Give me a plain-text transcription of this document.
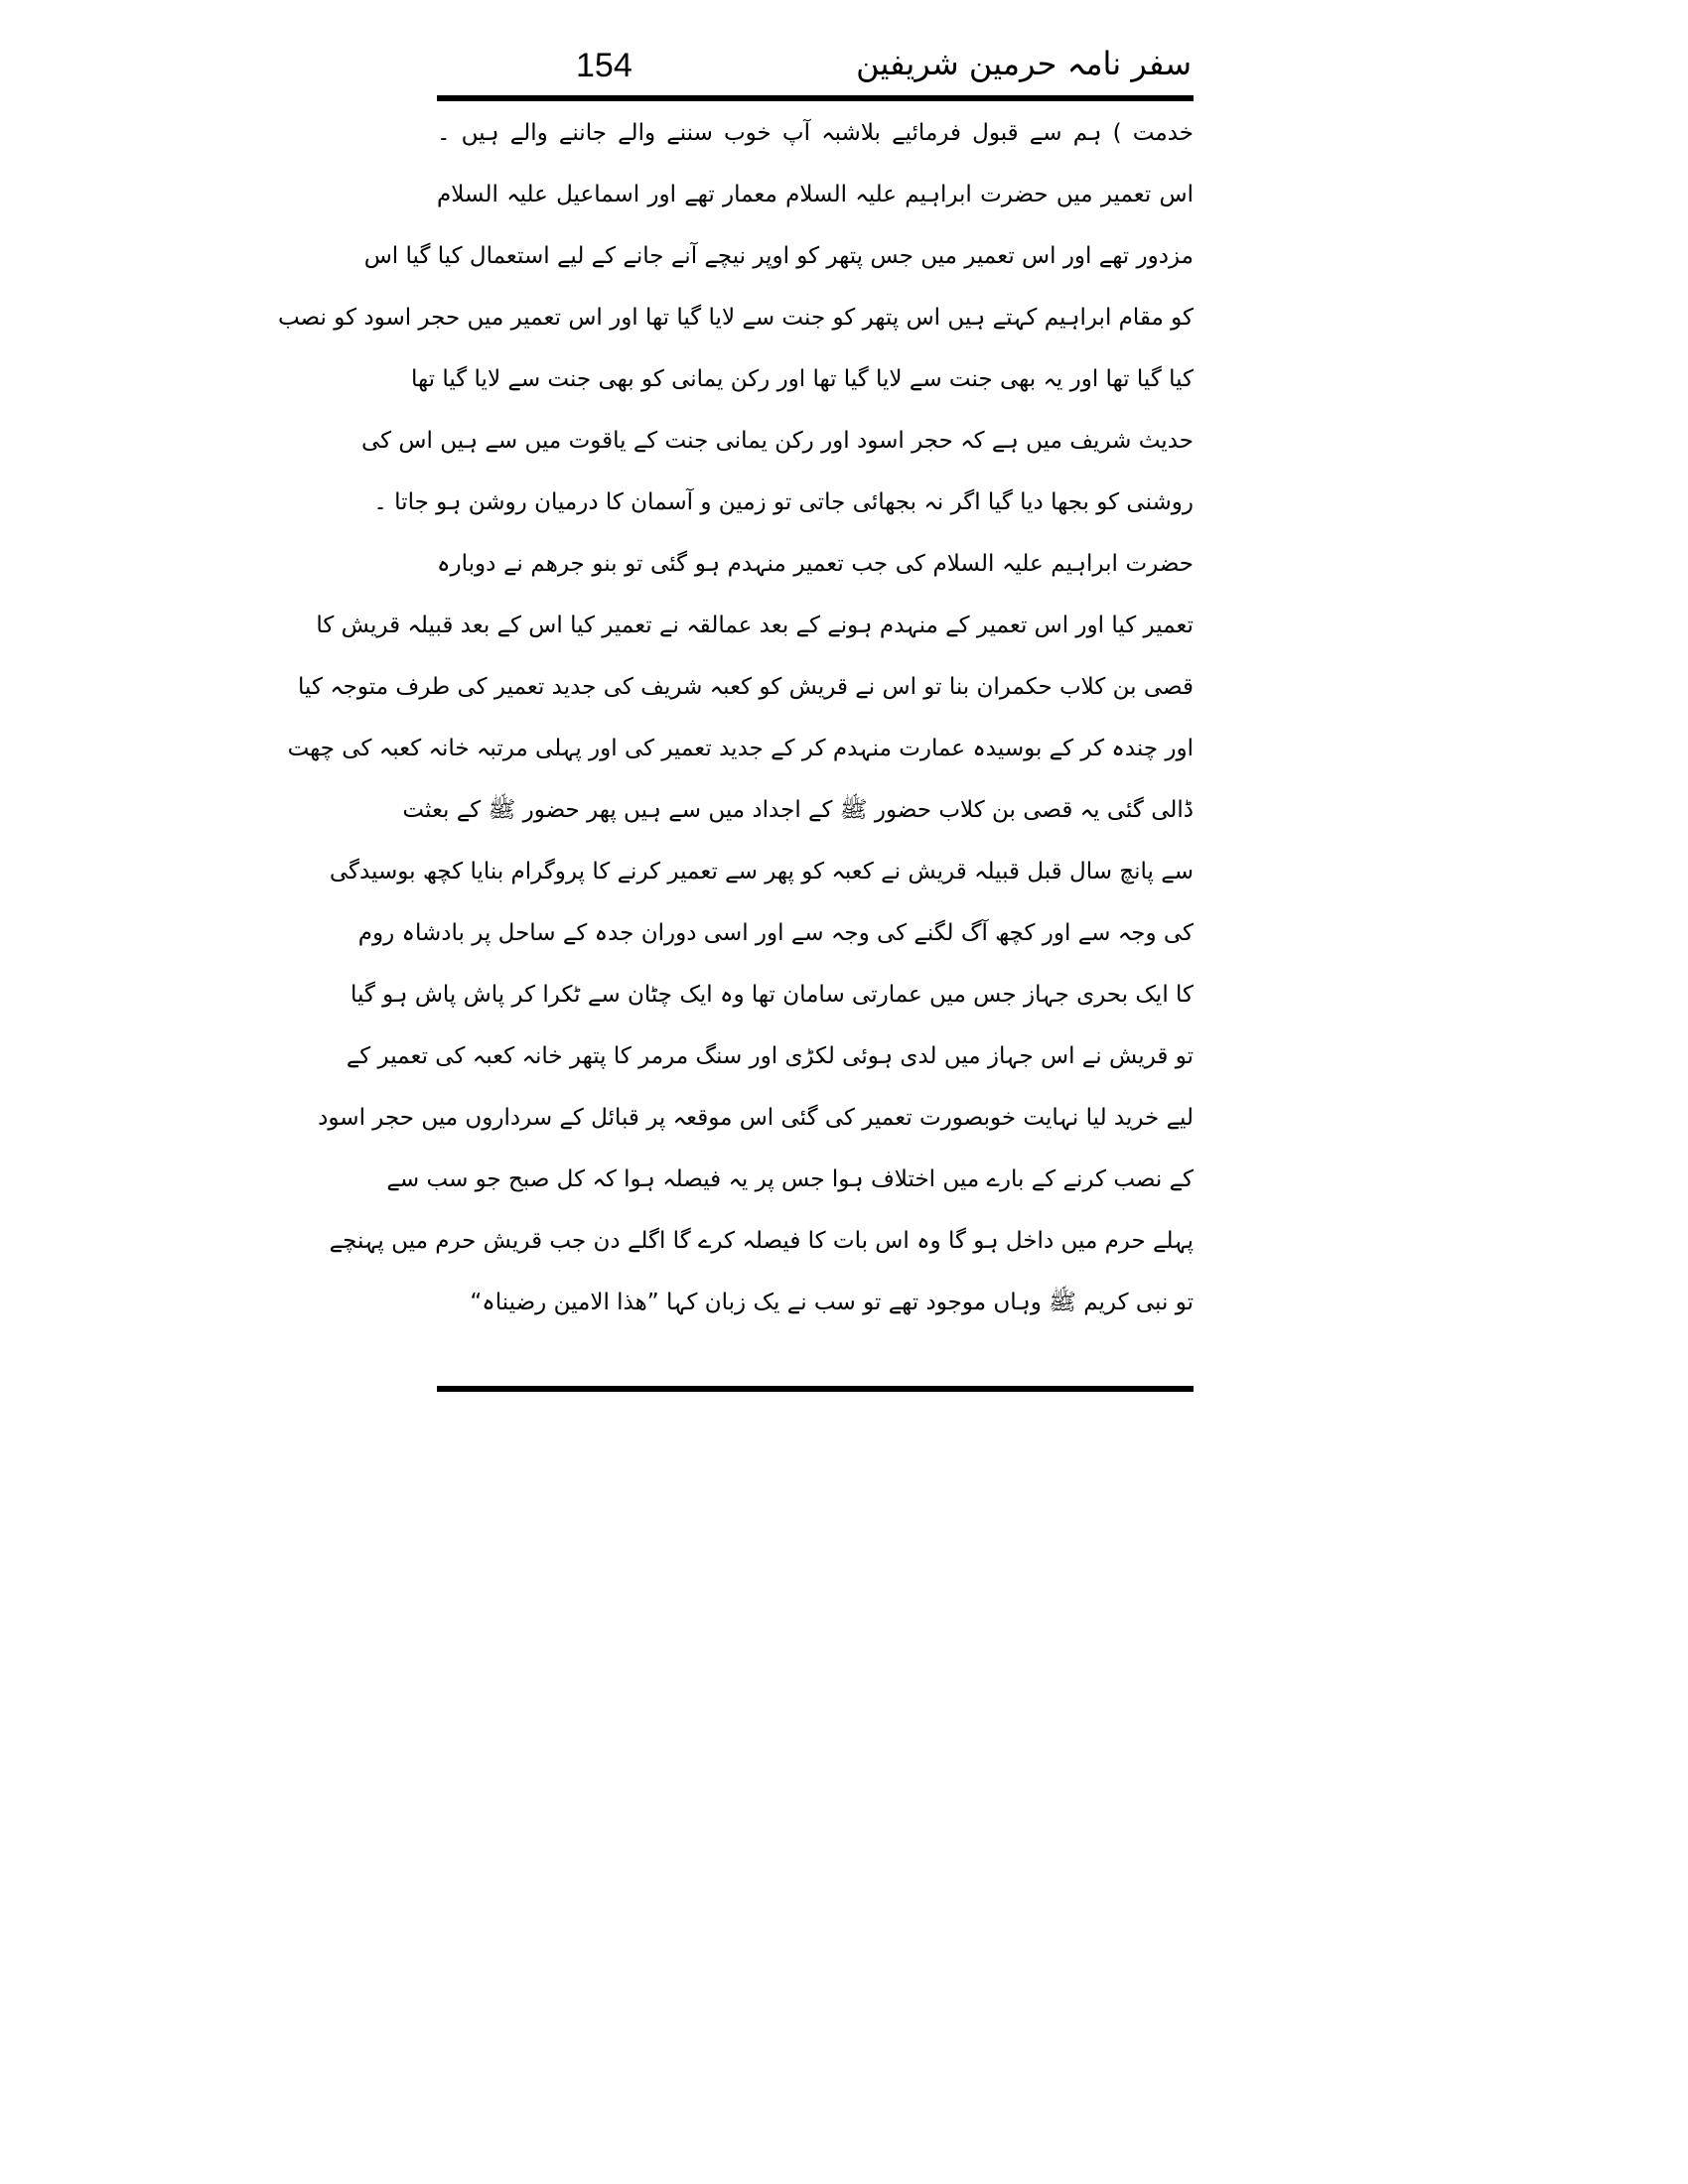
154	سفر نامہ حرمین شریفین
خدمت ) ہم سے قبول فرمائیے بلاشبہ آپ خوب سننے والے جاننے والے ہیں ۔
اس تعمیر میں حضرت ابراہیم علیہ السلام معمار تھے اور اسماعیل علیہ السلام
مزدور تھے اور اس تعمیر میں جس پتھر کو اوپر نیچے آنے جانے کے لیے استعمال کیا گیا اس
کو مقام ابراہیم کہتے ہیں اس پتھر کو جنت سے لایا گیا تھا اور اس تعمیر میں حجر اسود کو نصب
کیا گیا تھا اور یہ بھی جنت سے لایا گیا تھا اور رکن یمانی کو بھی جنت سے لایا گیا تھا
حدیث شریف میں ہے کہ حجر اسود اور رکن یمانی جنت کے یاقوت میں سے ہیں اس کی
روشنی کو بجھا دیا گیا اگر نہ بجھائی جاتی تو زمین و آسمان کا درمیان روشن ہو جاتا ۔
حضرت ابراہیم علیہ السلام کی جب تعمیر منہدم ہو گئی تو بنو جرھم نے دوبارہ
تعمیر کیا اور اس تعمیر کے منہدم ہونے کے بعد عمالقہ نے تعمیر کیا اس کے بعد قبیلہ قریش کا
قصی بن کلاب حکمران بنا تو اس نے قریش کو کعبہ شریف کی جدید تعمیر کی طرف متوجہ کیا
اور چندہ کر کے بوسیدہ عمارت منہدم کر کے جدید تعمیر کی اور پہلی مرتبہ خانہ کعبہ کی چھت
ڈالی گئی یہ قصی بن کلاب حضور ﷺ کے اجداد میں سے ہیں پھر حضور ﷺ کے بعثت
سے پانچ سال قبل قبیلہ قریش نے کعبہ کو پھر سے تعمیر کرنے کا پروگرام بنایا کچھ بوسیدگی
کی وجہ سے اور کچھ آگ لگنے کی وجہ سے اور اسی دوران جدہ کے ساحل پر بادشاہ روم
کا ایک بحری جہاز جس میں عمارتی سامان تھا وہ ایک چٹان سے ٹکرا کر پاش پاش ہو گیا
تو قریش نے اس جہاز میں لدی ہوئی لکڑی اور سنگ مرمر کا پتھر خانہ کعبہ کی تعمیر کے
لیے خرید لیا نہایت خوبصورت تعمیر کی گئی اس موقعہ پر قبائل کے سرداروں میں حجر اسود
کے نصب کرنے کے بارے میں اختلاف ہوا جس پر یہ فیصلہ ہوا کہ کل صبح جو سب سے
پہلے حرم میں داخل ہو گا وہ اس بات کا فیصلہ کرے گا اگلے دن جب قریش حرم میں پہنچے
تو نبی کریم ﷺ وہاں موجود تھے تو سب نے یک زبان کہا ”ھذا الامین رضیناہ“
